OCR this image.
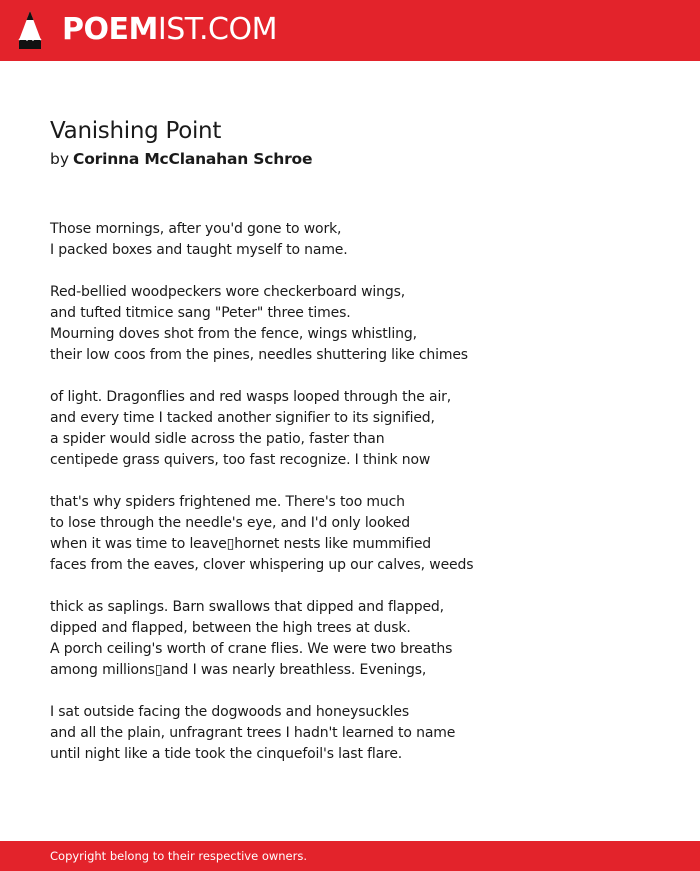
POEMIST.COM
Vanishing Point
by Corinna McClanahan Schroe
Those mornings, after you'd gone to work,
I packed boxes and taught myself to name.
Red-bellied woodpeckers wore checkerboard wings,
and tufted titmice sang "Peter" three times.
Mourning doves shot from the fence, wings whistling,
their low coos from the pines, needles shuttering like chimes
of light. Dragonflies and red wasps looped through the air,
and every time I tacked another signifier to its signified,
a spider would sidle across the patio, faster than
centipede grass quivers, too fast recognize. I think now
that's why spiders frightened me. There's too much
to lose through the needle's eye, and I'd only looked
when it was time to leave▯hornet nests like mummified
faces from the eaves, clover whispering up our calves, weeds
thick as saplings. Barn swallows that dipped and flapped,
dipped and flapped, between the high trees at dusk.
A porch ceiling's worth of crane flies. We were two breaths
among millions▯and I was nearly breathless. Evenings,
I sat outside facing the dogwoods and honeysuckles
and all the plain, unfragrant trees I hadn't learned to name
until night like a tide took the cinquefoil's last flare.
Copyright belong to their respective owners.
